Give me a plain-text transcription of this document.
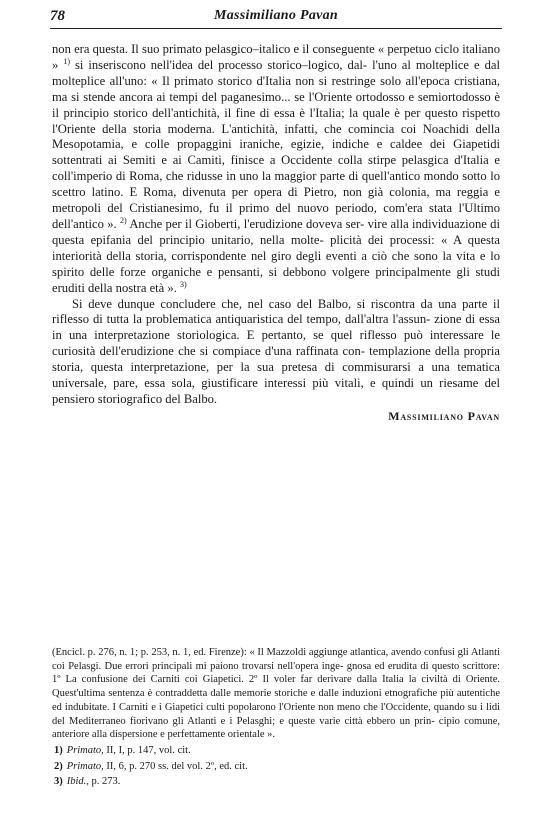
78	Massimiliano Pavan

non era questa. Il suo primato pelasgico–italico e il conseguente « perpetuo ciclo italiano » $^{1)}$ si inseriscono nell'idea del processo storico–logico, dal- l'uno al molteplice e dal molteplice all'uno: « Il primato storico d'Italia non si restringe solo all'epoca cristiana, ma si stende ancora ai tempi del paganesimo... se l'Oriente ortodosso e semiortodosso è il principio storico dell'antichità, il fine di essa è l'Italia; la quale è per questo rispetto l'Oriente della storia moderna. L'antichità, infatti, che comincia coi Noachidi della Mesopotamia, e colle propaggini iraniche, egizie, indiche e caldee dei Giapetidi sottentrati ai Semiti e ai Camiti, finisce a Occidente colla stirpe pelasgica d'Italia e coll'imperio di Roma, che ridusse in uno la maggior parte di quell'antico mondo sotto lo scettro latino. E Roma, divenuta per opera di Pietro, non già colonia, ma reggia e metropoli del Cristianesimo, fu il primo del nuovo periodo, com'era stata l'Ultimo dell'antico ». $^{2)}$ Anche per il Gioberti, l'erudizione doveva ser- vire alla individuazione di questa epifania del principio unitario, nella molte- plicità dei processi: « A questa interiorità della storia, corrispondente nel giro degli eventi a ciò che sono la vita e lo spirito delle forze organiche e pensanti, si debbono volgere principalmente gli studi eruditi della nostra età ». $^{3)}$

Si deve dunque concludere che, nel caso del Balbo, si riscontra da una parte il riflesso di tutta la problematica antiquaristica del tempo, dall'altra l'assun- zione di essa in una interpretazione storiologica. E pertanto, se quel riflesso può interessare le curiosità dell'erudizione che si compiace d'una raffinata con- templazione della propria storia, questa interpretazione, per la sua pretesa di commisurarsi a una tematica universale, pare, essa sola, giustificare interessi più vitali, e quindi un riesame del pensiero storiografico del Balbo.

Massimiliano Pavan

(Encicl. p. 276, n. 1; p. 253, n. 1, ed. Firenze): « Il Mazzoldi aggiunge atlantica, avendo confusi gli Atlanti coi Pelasgi. Due errori principali mi paiono trovarsi nell'opera inge- gnosa ed erudita di questo scrittore: 1º La confusione dei Carniti coi Giapetici. 2º Il voler far derivare dalla Italia la civiltà di Oriente. Quest'ultima sentenza è contraddetta dalle memorie storiche e dalle induzioni etnografiche più autentiche ed indubitate. I Carniti e i Giapetici culti popolarono l'Oriente non meno che l'Occidente, quando su i lidi del Mediterraneo fiorivano gli Atlanti e i Pelasghi; e queste varie città ebbero un prin- cipio comune, anteriore alla dispersione e perfettamente orientale ».

1) Primato, II, I, p. 147, vol. cit.

2) Primato, II, 6, p. 270 ss. del vol. 2º, ed. cit.

3) Ibid., p. 273.
